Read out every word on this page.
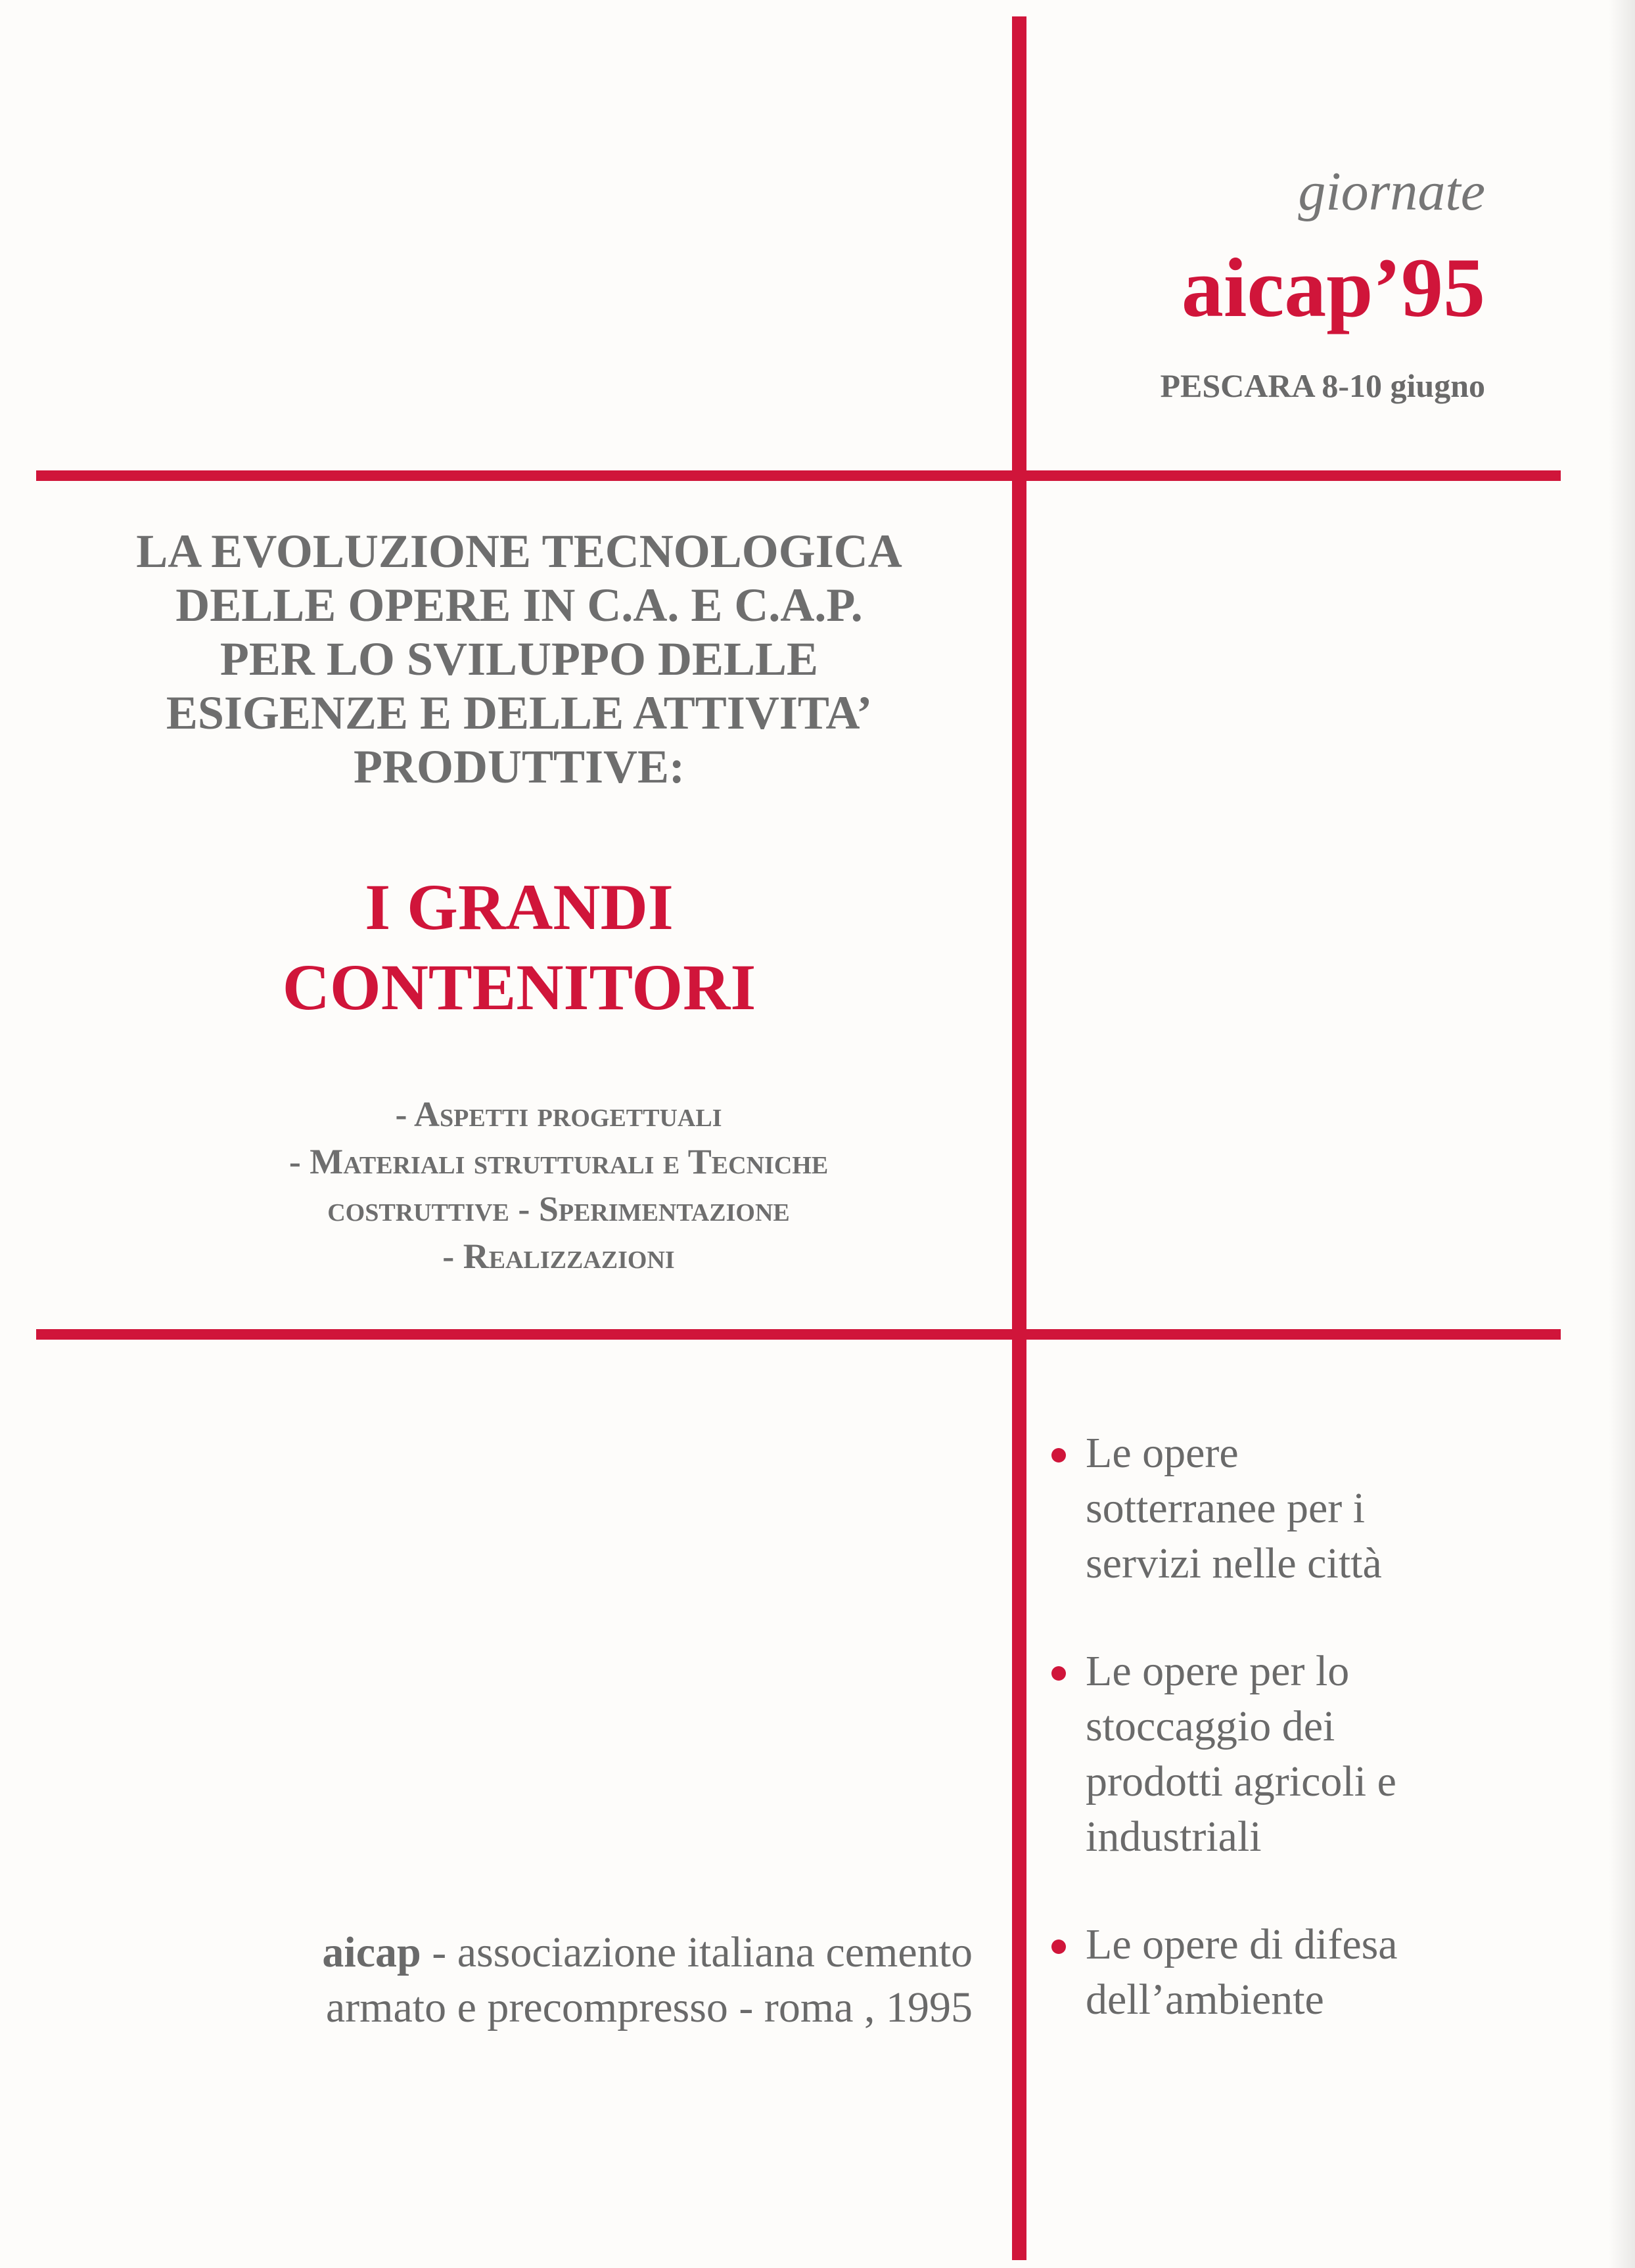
giornate
aicap’95
PESCARA 8-10 giugno
LA EVOLUZIONE TECNOLOGICA
DELLE OPERE IN C.A. E C.A.P.
PER LO SVILUPPO DELLE
ESIGENZE E DELLE ATTIVITA’
PRODUTTIVE:
I GRANDI
CONTENITORI
- Aspetti progettuali
- Materiali strutturali e Tecniche
costruttive - Sperimentazione
- Realizzazioni
Le opere
sotterranee per i
servizi nelle città
Le opere per lo
stoccaggio dei
prodotti agricoli e
industriali
Le opere di difesa
dell’ambiente
aicap - associazione italiana cemento
armato e precompresso - roma , 1995
